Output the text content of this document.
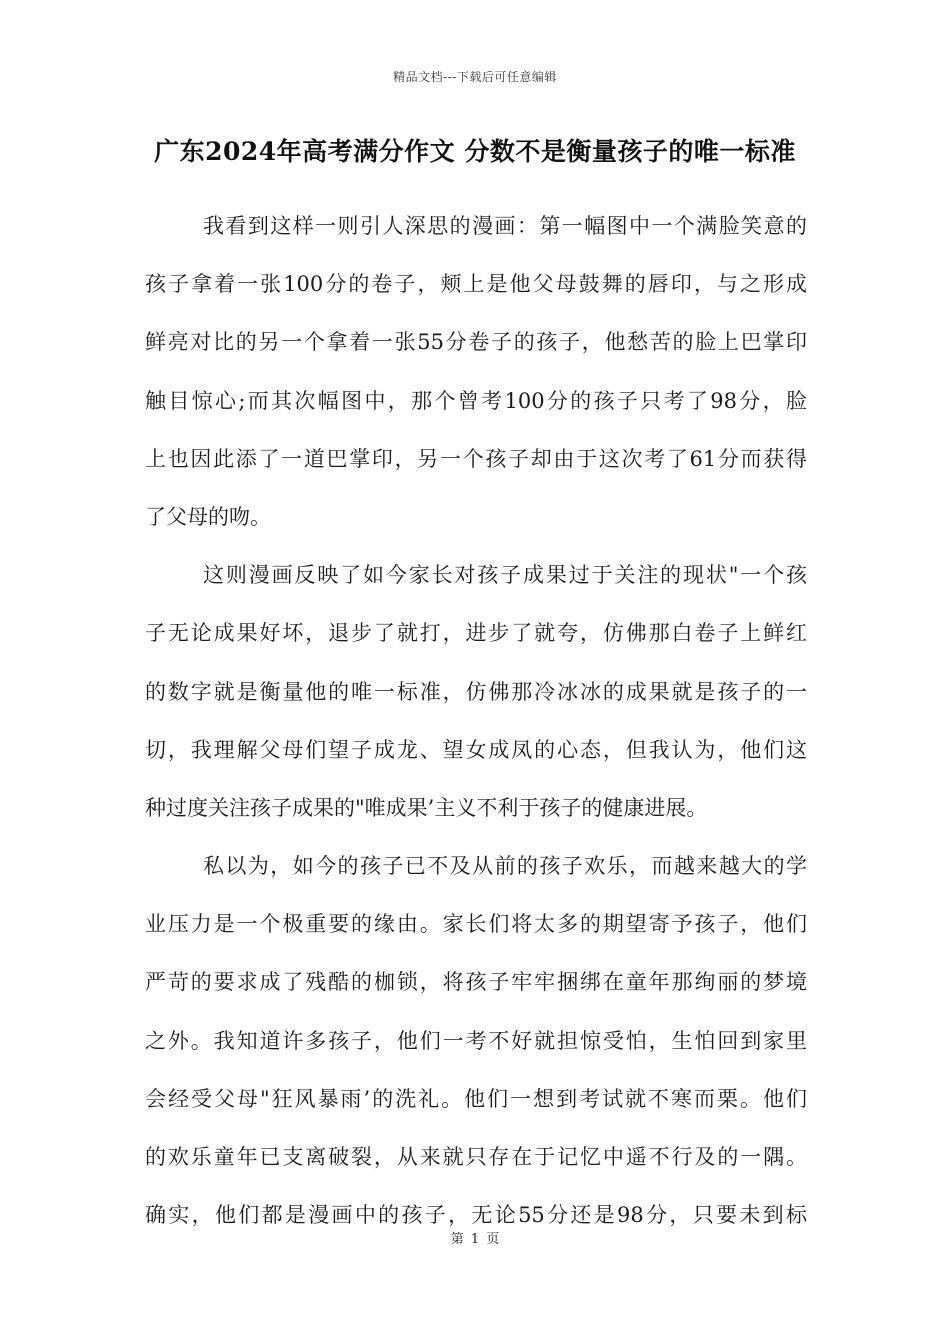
精品文档---下载后可任意编辑
广东2024年高考满分作文 分数不是衡量孩子的唯一标准
我看到这样一则引人深思的漫画：第一幅图中一个满脸笑意的
孩子拿着一张100分的卷子，颊上是他父母鼓舞的唇印，与之形成
鲜亮对比的另一个拿着一张55分卷子的孩子，他愁苦的脸上巴掌印
触目惊心;而其次幅图中，那个曾考100分的孩子只考了98分，脸
上也因此添了一道巴掌印，另一个孩子却由于这次考了61分而获得
了父母的吻。
这则漫画反映了如今家长对孩子成果过于关注的现状"一个孩
子无论成果好坏，退步了就打，进步了就夸，仿佛那白卷子上鲜红
的数字就是衡量他的唯一标准，仿佛那冷冰冰的成果就是孩子的一
切，我理解父母们望子成龙、望女成凤的心态，但我认为，他们这
种过度关注孩子成果的"唯成果’主义不利于孩子的健康进展。
私以为，如今的孩子已不及从前的孩子欢乐，而越来越大的学
业压力是一个极重要的缘由。家长们将太多的期望寄予孩子，他们
严苛的要求成了残酷的枷锁，将孩子牢牢捆绑在童年那绚丽的梦境
之外。我知道许多孩子，他们一考不好就担惊受怕，生怕回到家里
会经受父母"狂风暴雨’的洗礼。他们一想到考试就不寒而栗。他们
的欢乐童年已支离破裂，从来就只存在于记忆中遥不行及的一隅。
确实，他们都是漫画中的孩子，无论55分还是98分，只要未到标
第 1 页
